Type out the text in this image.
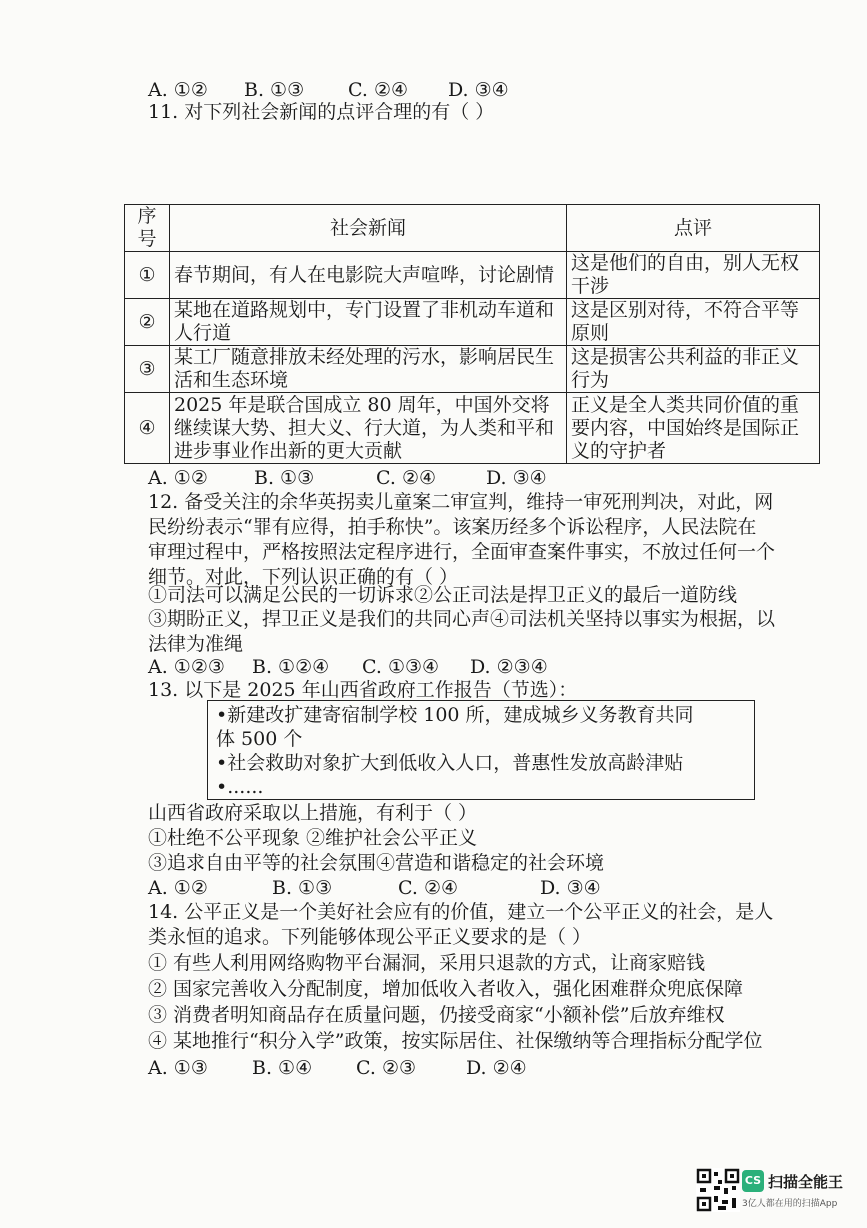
A. ①② B. ①③ C. ②④ D. ③④
11. 对下列社会新闻的点评合理的有（ ）
序号	社会新闻	点评
①	春节期间，有人在电影院大声喧哗，讨论剧情	这是他们的自由，别人无权干涉
②	某地在道路规划中，专门设置了非机动车道和人行道	这是区别对待，不符合平等原则
③	某工厂随意排放未经处理的污水，影响居民生活和生态环境	这是损害公共利益的非正义行为
④	2025 年是联合国成立 80 周年，中国外交将继续谋大势、担大义、行大道，为人类和平和进步事业作出新的更大贡献	正义是全人类共同价值的重要内容，中国始终是国际正义的守护者
A. ①② B. ①③	C. ②④	D. ③④
12. 备受关注的余华英拐卖儿童案二审宣判，维持一审死刑判决，对此，网
民纷纷表示“罪有应得，拍手称快”。该案历经多个诉讼程序，人民法院在
审理过程中，严格按照法定程序进行，全面审查案件事实，不放过任何一个
细节。对此，下列认识正确的有（ ）
①司法可以满足公民的一切诉求②公正司法是捍卫正义的最后一道防线
③期盼正义，捍卫正义是我们的共同心声④司法机关坚持以事实为根据，以
法律为准绳
A. ①②③ B. ①②④ C. ①③④ D. ②③④
13. 以下是 2025 年山西省政府工作报告（节选）：
•新建改扩建寄宿制学校 100 所，建成城乡义务教育共同
体 500 个
•社会救助对象扩大到低收入人口，普惠性发放高龄津贴
•......
山西省政府采取以上措施，有利于（ ）
①杜绝不公平现象 ②维护社会公平正义
③追求自由平等的社会氛围④营造和谐稳定的社会环境
A. ①②	B. ①③	C. ②④	D. ③④
14. 公平正义是一个美好社会应有的价值，建立一个公平正义的社会，是人
类永恒的追求。下列能够体现公平正义要求的是（ ）
① 有些人利用网络购物平台漏洞，采用只退款的方式，让商家赔钱
② 国家完善收入分配制度，增加低收入者收入，强化困难群众兜底保障
③ 消费者明知商品存在质量问题，仍接受商家“小额补偿”后放弃维权
④ 某地推行“积分入学”政策，按实际居住、社保缴纳等合理指标分配学位
A. ①③ B. ①④ C. ②③	D. ②④
CS 扫描全能王
3亿人都在用的扫描App
